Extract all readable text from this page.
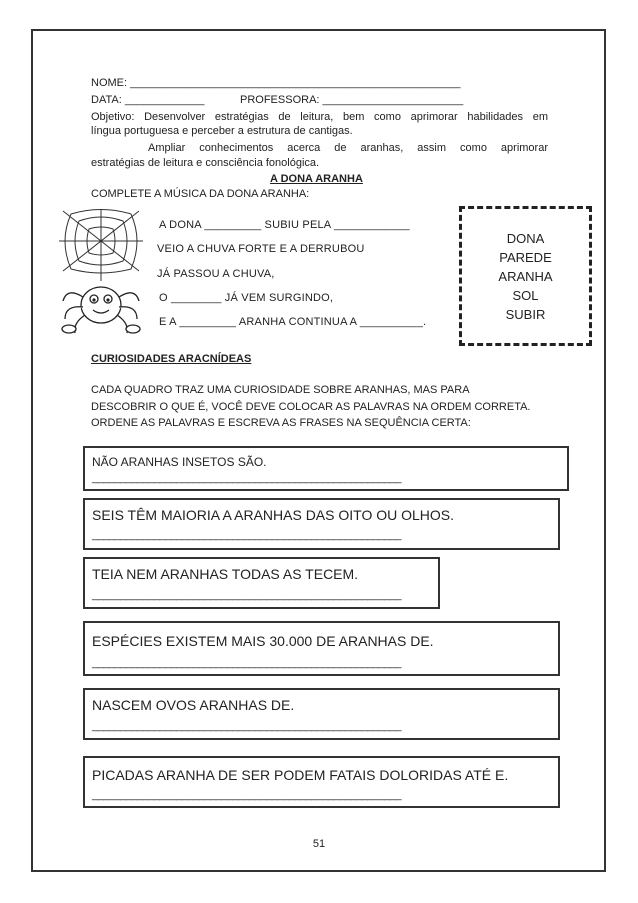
NOME: ______________________________________________________
DATA: _____________	PROFESSORA: _______________________
Objetivo: Desenvolver estratégias de leitura, bem como aprimorar habilidades em
língua portuguesa e perceber a estrutura de cantigas.
Ampliar conhecimentos acerca de aranhas, assim como aprimorar
estratégias de leitura e consciência fonológica.
A DONA ARANHA
COMPLETE A MÚSICA DA DONA ARANHA:
A DONA _________ SUBIU PELA ____________
VEIO A CHUVA FORTE E A DERRUBOU
JÁ PASSOU A CHUVA,
O ________ JÁ VEM SURGINDO,
E A _________ ARANHA CONTINUA A __________.
DONA
PAREDE
ARANHA
SOL
SUBIR
CURIOSIDADES ARACNÍDEAS
CADA QUADRO TRAZ UMA CURIOSIDADE SOBRE ARANHAS, MAS PARA
DESCOBRIR O QUE É, VOCÊ DEVE COLOCAR AS PALAVRAS NA ORDEM CORRETA.
ORDENE AS PALAVRAS E ESCREVA AS FRASES NA SEQUÊNCIA CERTA:
NÃO ARANHAS INSETOS SÃO.
_______________________________________________________
SEIS TÊM MAIORIA A ARANHAS DAS OITO OU OLHOS.
_______________________________________________________
TEIA NEM ARANHAS TODAS AS TECEM.
_______________________________________________________
ESPÉCIES EXISTEM MAIS 30.000 DE ARANHAS DE.
_______________________________________________________
NASCEM OVOS ARANHAS DE.
_______________________________________________________
PICADAS ARANHA DE SER PODEM FATAIS DOLORIDAS ATÉ E.
_______________________________________________________
51
